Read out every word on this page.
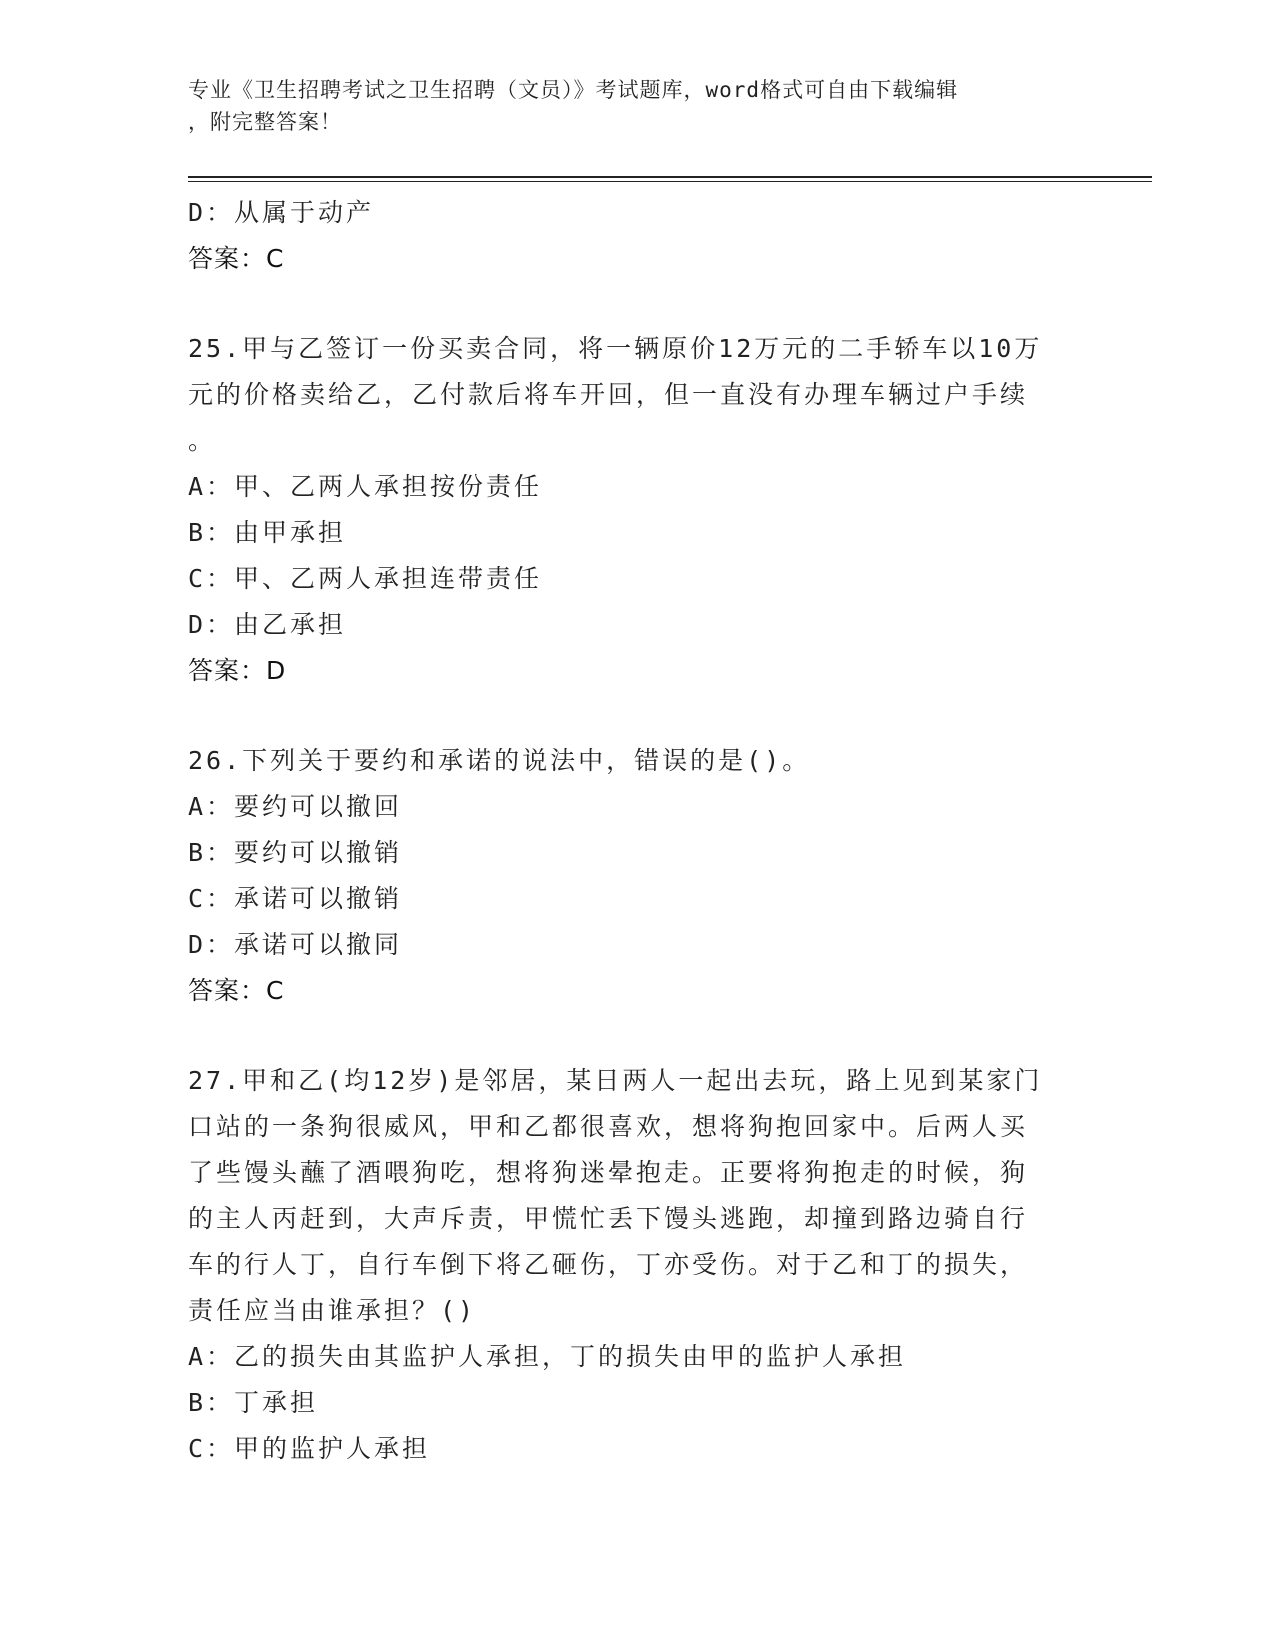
专业《卫生招聘考试之卫生招聘（文员）》考试题库，word格式可自由下载编辑
，附完整答案！
D：从属于动产
答案：C
25.甲与乙签订一份买卖合同，将一辆原价12万元的二手轿车以10万
元的价格卖给乙，乙付款后将车开回，但一直没有办理车辆过户手续
。
A：甲、乙两人承担按份责任
B：由甲承担
C：甲、乙两人承担连带责任
D：由乙承担
答案：D
26.下列关于要约和承诺的说法中，错误的是()。
A：要约可以撤回
B：要约可以撤销
C：承诺可以撤销
D：承诺可以撤同
答案：C
27.甲和乙(均12岁)是邻居，某日两人一起出去玩，路上见到某家门
口站的一条狗很威风，甲和乙都很喜欢，想将狗抱回家中。后两人买
了些馒头蘸了酒喂狗吃，想将狗迷晕抱走。正要将狗抱走的时候，狗
的主人丙赶到，大声斥责，甲慌忙丢下馒头逃跑，却撞到路边骑自行
车的行人丁，自行车倒下将乙砸伤，丁亦受伤。对于乙和丁的损失，
责任应当由谁承担？()
A：乙的损失由其监护人承担，丁的损失由甲的监护人承担
B：丁承担
C：甲的监护人承担
